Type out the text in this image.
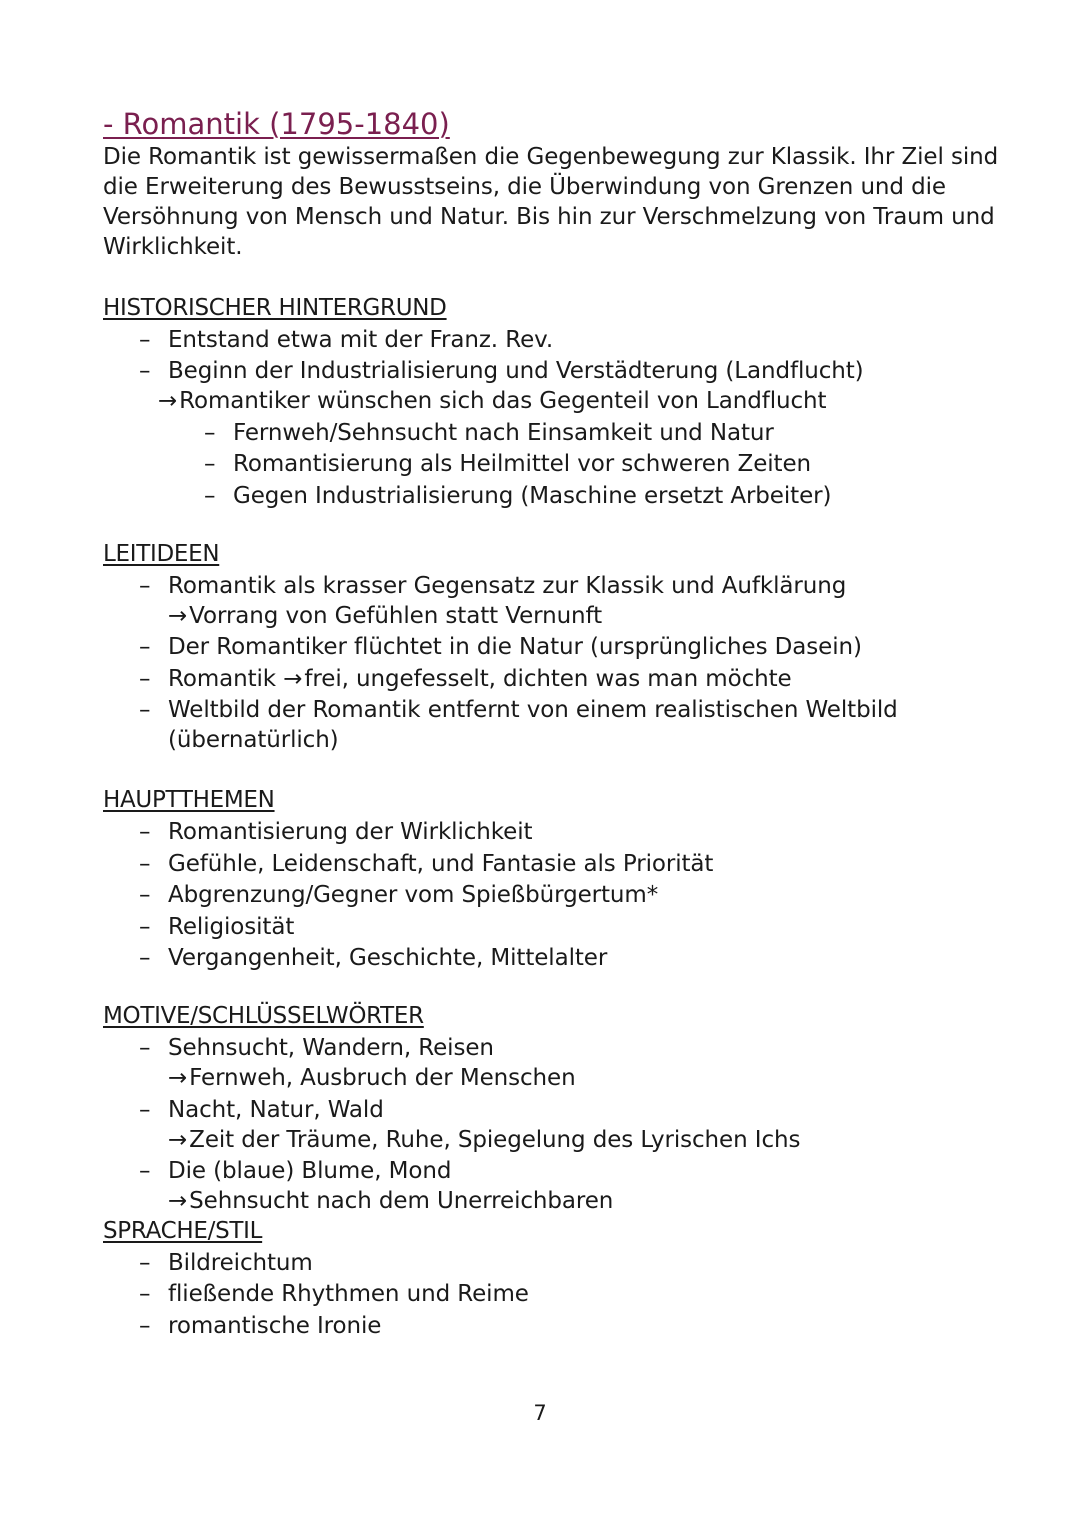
- Romantik (1795-1840)

Die Romantik ist gewissermaßen die Gegenbewegung zur Klassik. Ihr Ziel sind die Erweiterung des Bewusstseins, die Überwindung von Grenzen und die Versöhnung von Mensch und Natur. Bis hin zur Verschmelzung von Traum und Wirklichkeit.

HISTORISCHER HINTERGRUND
– Entstand etwa mit der Franz. Rev.
– Beginn der Industrialisierung und Verstädterung (Landflucht)
→Romantiker wünschen sich das Gegenteil von Landflucht
– Fernweh/Sehnsucht nach Einsamkeit und Natur
– Romantisierung als Heilmittel vor schweren Zeiten
– Gegen Industrialisierung (Maschine ersetzt Arbeiter)
LEITIDEEN
– Romantik als krasser Gegensatz zur Klassik und Aufklärung
→Vorrang von Gefühlen statt Vernunft
– Der Romantiker flüchtet in die Natur (ursprüngliches Dasein)
– Romantik →frei, ungefesselt, dichten was man möchte
– Weltbild der Romantik entfernt von einem realistischen Weltbild (übernatürlich)
HAUPTTHEMEN
– Romantisierung der Wirklichkeit
– Gefühle, Leidenschaft, und Fantasie als Priorität
– Abgrenzung/Gegner vom Spießbürgertum*
– Religiosität
– Vergangenheit, Geschichte, Mittelalter
MOTIVE/SCHLÜSSELWÖRTER
– Sehnsucht, Wandern, Reisen
→Fernweh, Ausbruch der Menschen
– Nacht, Natur, Wald
→Zeit der Träume, Ruhe, Spiegelung des Lyrischen Ichs
– Die (blaue) Blume, Mond
→Sehnsucht nach dem Unerreichbaren
SPRACHE/STIL
– Bildreichtum
– fließende Rhythmen und Reime
– romantische Ironie
7
